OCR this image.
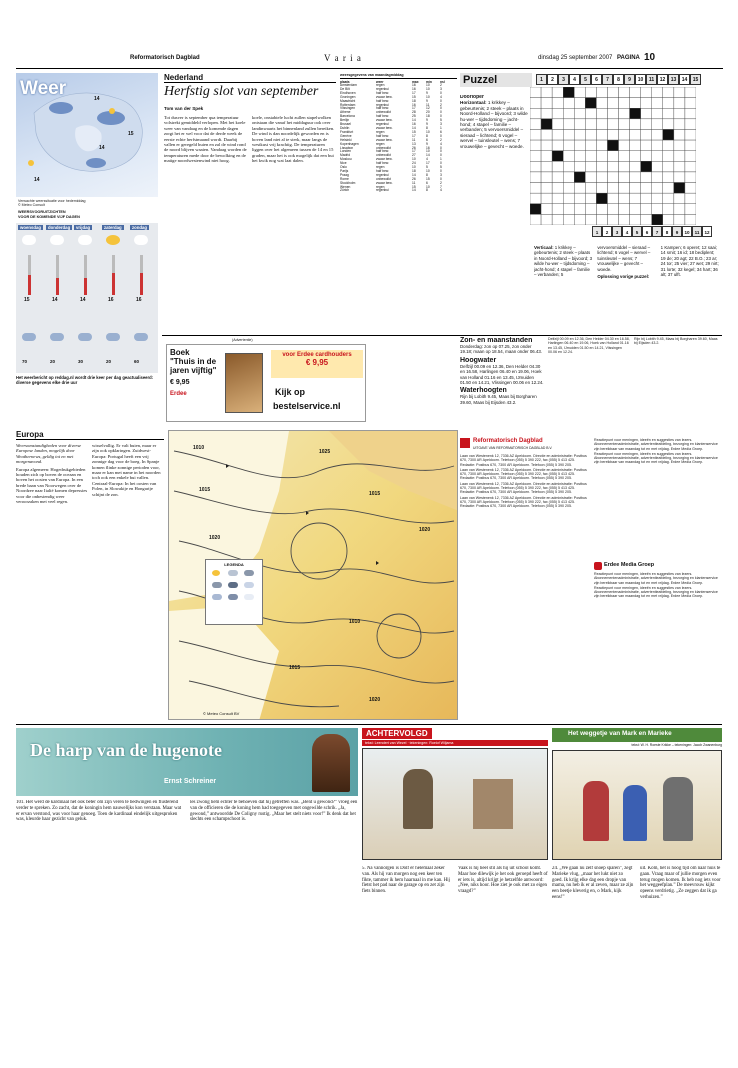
Reformatorisch Dagblad	V a r i a	dinsdag 25 september 2007 PAGINA 10
Weer	14
15
14
14
Verwachte weerssituatie voor hedemiddag
© Meteo Consult
WEERSVOORUITZICHTEN
VOOR DE KOMENDE VIJF DAGEN
woensdag
15
70
donderdag
14
20
vrijdag
14
30
zaterdag
16
20
zondag
16
60
Het weerbericht op reddag.nl wordt drie keer per dag geactualiseerd: diverse gegevens elke drie uur
Nederland
Herfstig slot van september
Tom van der Spek
Tot dusver is september qua temperatuur volstrekt gemiddeld verlopen. Met het koele weer van vandaag en de komende dagen zorgt het er wel voor dat de derde week de eerste echte herfstmaand wordt. Daarbij vallen er geregeld buien en zal de wind rond de noord blijven waaien. Vandaag worden de temperaturen mede door de bewolking en de matige noordwestenwind niet hoog.
koele, onstabiele lucht zullen stapelwolken ontstaan die vanaf het middaguur ook over landinwaarts het binnenland zullen bereiken. De wind is dan noordelijk geworden en is boven land niet al te sterk, maar langs de westkust vrij krachtig. De temperaturen liggen over het algemeen tussen de 14 en 15 graden, maar het is ook mogelijk dat een bui het kwik nog wat laat dalen.
weersgegevens van maandagmiddag
plaats	weer	max	min	nsl
Amsterdam	regen	16	10	2
De Bilt	regenbui	16	10	3
Eindhoven	half bew.	17	9	0
Groningen	zwaar bew.	15	10	4
Maastricht	half bew.	18	9	0
Rotterdam	regenbui	16	11	2
Vlissingen	half bew.	17	12	0
Athene	onbewolkt	28	20	0
Barcelona	half bew.	25	18	0
Berlijn	zwaar bew.	14	9	5
Brussel	regenbui	16	9	3
Dublin	zwaar bew.	14	8	1
Frankfurt	regen	15	10	6
Genève	half bew.	17	8	0
Helsinki	zwaar bew.	11	6	2
Kopenhagen	regen	13	9	4
Lissabon	onbewolkt	26	16	0
Londen	half bew.	17	10	0
Madrid	onbewolkt	27	14	0
Moskou	zwaar bew.	10	4	1
Nice	half bew.	24	17	0
Oslo	regen	10	5	5
Parijs	half bew.	18	10	0
Praag	regenbui	14	8	3
Rome	onbewolkt	26	15	0
Stockholm	zwaar bew.	11	6	2
Wenen	regen	15	10	7
Zürich	regenbui	14	8	4
Puzzel	1	2	3	4	5	6	7	8	9	10	11	12	13	14	15
1	2	3	4	5	6	7	8	9	10	11	12
Doorloper
Horizontaal: 1 krikkey – gebeurtenis; 2 steek – plaats in Noord-Holland – bijvoord; 3 wilde hu-wer – tijdsdoming – jacht-hond; 4 stapel – familie – verbanden; 5 vervoersmiddel – sieraad – lichtend; 6 vogel – wervel – tuinsleutel – wens; 7 vrouwelijke – gevecht – woede.
Verticaal: 1 krikkey – gebeurtenis; 2 steek – plaats in Noord-Holland – bijvoord; 3 wilde hu-wer – tijdsdoming – jacht-hond; 4 stapel – familie – verbanden; 5 vervoersmiddel – sieraad – lichtend; 6 vogel – wervel – tuinsleutel – wens; 7 vrouwelijke – gevecht – woede.
Oplossing vorige puzzel:
1 Kampen; 6 operet; 12 saai; 14 smit; 16 id; 18 bediplent; 19 de; 20 agt; 22 B.O.; 23 ar; 24 tor; 25 vier; 27 wet; 29 nirt; 31 lorte; 32 kegel; 34 hart; 36 alt; 37 ulft.
(Advertentie)
Boek
"Thuis in de
jaren vijftig"
€ 9,95
Erdee
voor Erdee cardhouders
€ 9,95
Kijk op
bestelservice.nl
Zon- en maanstanden
Donderdag: zon op 07.25, zon onder 19.18; maan op 18.54, maan onder 06.43.
Hoogwater
Delfzijl 00.09 en 12.36, Den Helder 04.30 en 16.58, Harlingen 06.40 en 19.06, Hoek van Holland 01.16 en 13.45, IJmuiden 01.50 en 14.21, Vlissingen 00.06 en 12.24.
Waterhoogten
Rijn bij Lobith 9.45, Maas bij Borgharen 39.60, Maas bij Eijsden 43.2.
Delfzijl 00.09 en 12.36, Den Helder 04.30 en 16.58, Harlingen 06.40 en 19.06, Hoek van Holland 01.16 en 13.45, IJmuiden 01.50 en 14.21, Vlissingen 00.06 en 12.24.
Rijn bij Lobith 9.45, Maas bij Borgharen 39.60, Maas bij Eijsden 43.2.
Europa
Weersomstandigheden voor diverse Europese landen, mogelijk door Weathernews, geldig tot en met morgenavond.
Europa algemeen: Hogedrukgebieden houden zich op boven de oceaan en boven het oosten van Europa. In een brede baan van Noorwegen over de Noordzee naar Italië komen depressies voor die onbestendig weer veroorzaken met veel regen.
wisselvallig. Er valt buien, maar er zijn ook opklaringen. Zuidwest-Europa: Portugal heeft een vrij zonnige dag voor de boeg. In Spanje komen flinke zonnige perioden voor, maar er kan met name in het noorden toch ook een enkele bui vallen. Centraal-Europa: In het oosten van Polen, in Slowakije en Hongarije schijnt de zon.
1010
1015
1020
1025
1015
1020
1010
1015
1020
LEGENDA
© Meteo Consult BV
Reformatorisch Dagblad
UITGAVE VAN REFORMATORISCH DAGBLAD B.V.

Laan van Westenenk 12, 7336 AZ Apeldoorn. Directie en administratie: Postbus 670, 7300 AR Apeldoorn. Telefoon (055) 5 390 222, fax (055) 5 413 425. Redactie: Postbus 670, 7300 AR Apeldoorn. Telefoon (055) 5 390 205.

Laan van Westenenk 12, 7336 AZ Apeldoorn. Directie en administratie: Postbus 670, 7300 AR Apeldoorn. Telefoon (055) 5 390 222, fax (055) 5 413 425. Redactie: Postbus 670, 7300 AR Apeldoorn. Telefoon (055) 5 390 205.

Laan van Westenenk 12, 7336 AZ Apeldoorn. Directie en administratie: Postbus 670, 7300 AR Apeldoorn. Telefoon (055) 5 390 222, fax (055) 5 413 425. Redactie: Postbus 670, 7300 AR Apeldoorn. Telefoon (055) 5 390 205.

Laan van Westenenk 12, 7336 AZ Apeldoorn. Directie en administratie: Postbus 670, 7300 AR Apeldoorn. Telefoon (055) 5 390 222, fax (055) 5 413 425. Redactie: Postbus 670, 7300 AR Apeldoorn. Telefoon (055) 5 390 205.

Reactiepunt voor meningen, ideeën en suggesties van lezers. Abonnementenadministratie, advertentieafdeling, bezorging en klantenservice zijn bereikbaar van maandag tot en met vrijdag. Erdee Media Groep.

Reactiepunt voor meningen, ideeën en suggesties van lezers. Abonnementenadministratie, advertentieafdeling, bezorging en klantenservice zijn bereikbaar van maandag tot en met vrijdag. Erdee Media Groep.

Erdee Media Groep

Reactiepunt voor meningen, ideeën en suggesties van lezers. Abonnementenadministratie, advertentieafdeling, bezorging en klantenservice zijn bereikbaar van maandag tot en met vrijdag. Erdee Media Groep.

Reactiepunt voor meningen, ideeën en suggesties van lezers. Abonnementenadministratie, advertentieafdeling, bezorging en klantenservice zijn bereikbaar van maandag tot en met vrijdag. Erdee Media Groep.

De harp van de hugenote
Ernst Schreiner
101. Het werd de kardinaal het ook beter om zijn veren te bedwingen en flusterend verder te spreken. Zo zacht, dat de koningin hem nauwelijks kon verstaan. Maar wat er ervan verstond, was voor haar genoeg. Toen de kardinaal eindelijk uitgesproken was, kleurde haar gezicht van geluk.
les zwong hem echter te behoeven dat hij getreffen was. „Bent u gewond?” vroeg een van de officieren die de koning hem had toegegeven met ongewilde schrik. „Ja, gewond,” antwoordde De Coligny rustig. „Maar het stelt niets voor!” Ik denk dat het slechts een schampschoot is.
ACHTERVOLGD
tekst: Leendert van Wezel · tekeningen: Roelof Wiljama
5. Na vannorgen is Dolf er helemaal zeker van. Als hij van morgen nog een keer ten fikte, tammer ik hem haarnaal in me kan. Hij fietst het pad naar de garage op en zet zijn fiets binnen.
Vaak is hij heel stil als hij uit school komt. Maar hoe dilewijk je het ook geroepd heeft of er iets is, altijd krijgt je hetzelfde antwoord: „Nee, niks hoor. Hoe ziet je ook met zo eigen vraagd?”
Het weggetje van Mark en Marieke
tekst: W. H. Roeste Krikke – tekeningen: Jacob Zwanenburg
24. „We gaan nu zelf snoep sparen”, zegt Marieke vlug, „maar het lukt niet zo goed. Ik krijg elke dag een dropje van mama, nu heb ik er al zeven, maar ze zijn een beetje kleverig en, o Mark, kijk eens!”
uit. Kom, het is hoog tijd om naar huis te gaan. Vraag maar of jullie morgen even terug mogen komen. Ik heb nog iets voor het weggeefplan.” De meevrouw kijkt opeens verdrietig. „Ze zeggen dat ik ga verhuizen.”
